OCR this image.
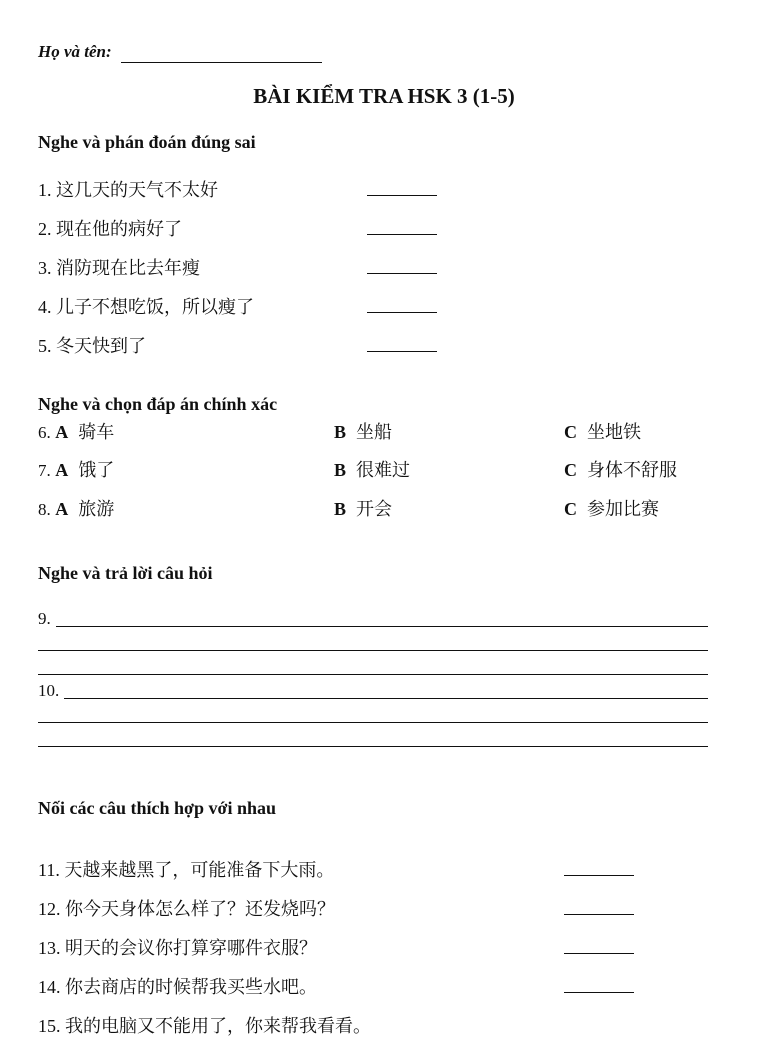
Họ và tên:
BÀI KIỂM TRA HSK 3 (1-5)
Nghe và phán đoán đúng sai
1. 这几天的天气不太好
2. 现在他的病好了
3. 消防现在比去年瘦
4. 儿子不想吃饭，所以瘦了
5. 冬天快到了
Nghe và chọn đáp án chính xác
6. A 骑车	B 坐船	C 坐地铁
7. A 饿了	B 很难过	C 身体不舒服
8. A 旅游	B 开会	C 参加比赛
Nghe và trả lời câu hỏi
9.
10.
Nối các câu thích hợp với nhau
11. 天越来越黑了，可能准备下大雨。
12. 你今天身体怎么样了？还发烧吗？
13. 明天的会议你打算穿哪件衣服？
14. 你去商店的时候帮我买些水吧。
15. 我的电脑又不能用了，你来帮我看看。
